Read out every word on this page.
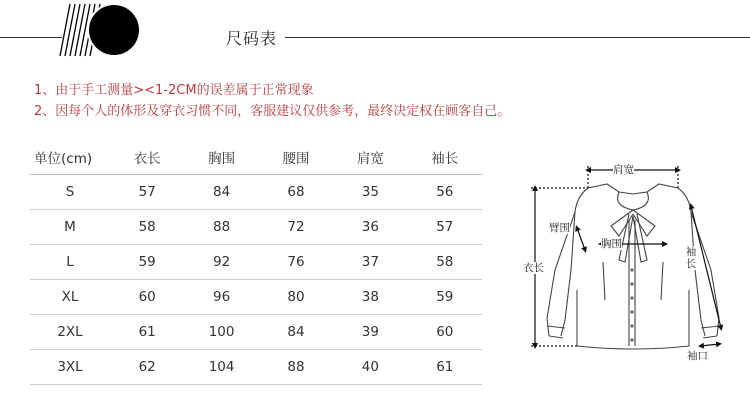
尺码表
1、由于手工测量><1-2CM的误差属于正常现象
2、因每个人的体形及穿衣习惯不同，客服建议仅供参考，最终决定权在顾客自己。
单位(cm)	衣长	胸围	腰围	肩宽	袖长
S	57	84	68	35	56
M	58	88	72	36	57
L	59	92	76	37	58
XL	60	96	80	38	59
2XL	61	100	84	39	60
3XL	62	104	88	40	61
肩宽
臂围
胸围
衣长
袖长
袖口
